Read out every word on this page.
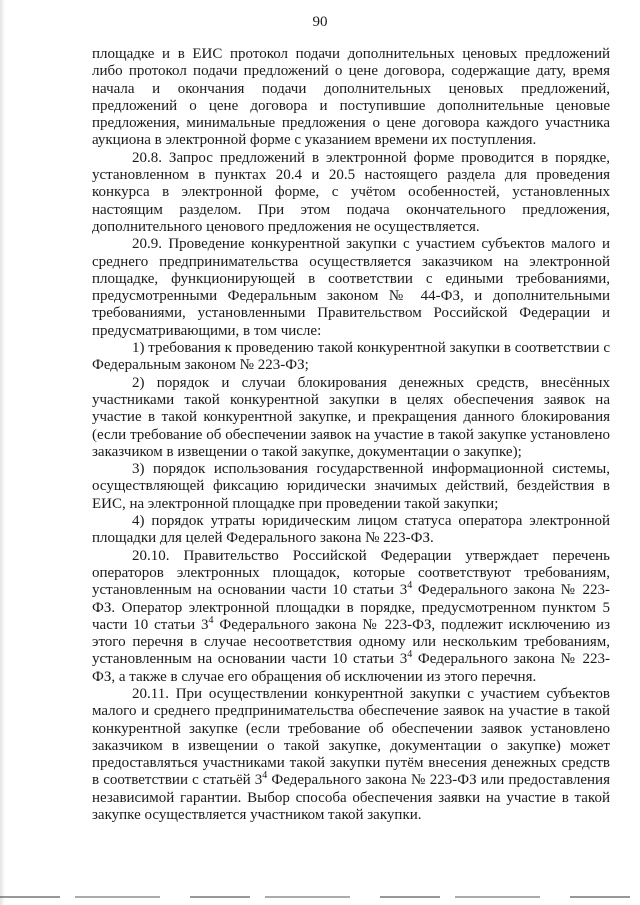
90

площадке и в ЕИС протокол подачи дополнительных ценовых предложений либо протокол подачи предложений о цене договора, содержащие дату, время начала и окончания подачи дополнительных ценовых предложений, предложений о цене договора и поступившие дополнительные ценовые предложения, минимальные предложения о цене договора каждого участника аукциона в электронной форме с указанием времени их поступления.

20.8. Запрос предложений в электронной форме проводится в порядке, установленном в пунктах 20.4 и 20.5 настоящего раздела для проведения конкурса в электронной форме, с учётом особенностей, установленных настоящим разделом. При этом подача окончательного предложения, дополнительного ценового предложения не осуществляется.

20.9. Проведение конкурентной закупки с участием субъектов малого и среднего предпринимательства осуществляется заказчиком на электронной площадке, функционирующей в соответствии с едиными требованиями, предусмотренными Федеральным законом № 44-ФЗ, и дополнительными требованиями, установленными Правительством Российской Федерации и предусматривающими, в том числе:

1) требования к проведению такой конкурентной закупки в соответствии с Федеральным законом № 223-ФЗ;

2) порядок и случаи блокирования денежных средств, внесённых участниками такой конкурентной закупки в целях обеспечения заявок на участие в такой конкурентной закупке, и прекращения данного блокирования (если требование об обеспечении заявок на участие в такой закупке установлено заказчиком в извещении о такой закупке, документации о закупке);

3) порядок использования государственной информационной системы, осуществляющей фиксацию юридически значимых действий, бездействия в ЕИС, на электронной площадке при проведении такой закупки;

4) порядок утраты юридическим лицом статуса оператора электронной площадки для целей Федерального закона № 223-ФЗ.

20.10. Правительство Российской Федерации утверждает перечень операторов электронных площадок, которые соответствуют требованиям, установленным на основании части 10 статьи $3^4$ Федерального закона № 223-ФЗ. Оператор электронной площадки в порядке, предусмотренном пунктом 5 части 10 статьи $3^4$ Федерального закона № 223-ФЗ, подлежит исключению из этого перечня в случае несоответствия одному или нескольким требованиям, установленным на основании части 10 статьи $3^4$ Федерального закона № 223-ФЗ, а также в случае его обращения об исключении из этого перечня.

20.11. При осуществлении конкурентной закупки с участием субъектов малого и среднего предпринимательства обеспечение заявок на участие в такой конкурентной закупке (если требование об обеспечении заявок установлено заказчиком в извещении о такой закупке, документации о закупке) может предоставляться участниками такой закупки путём внесения денежных средств в соответствии с статьёй $3^4$ Федерального закона № 223-ФЗ или предоставления независимой гарантии. Выбор способа обеспечения заявки на участие в такой закупке осуществляется участником такой закупки.
